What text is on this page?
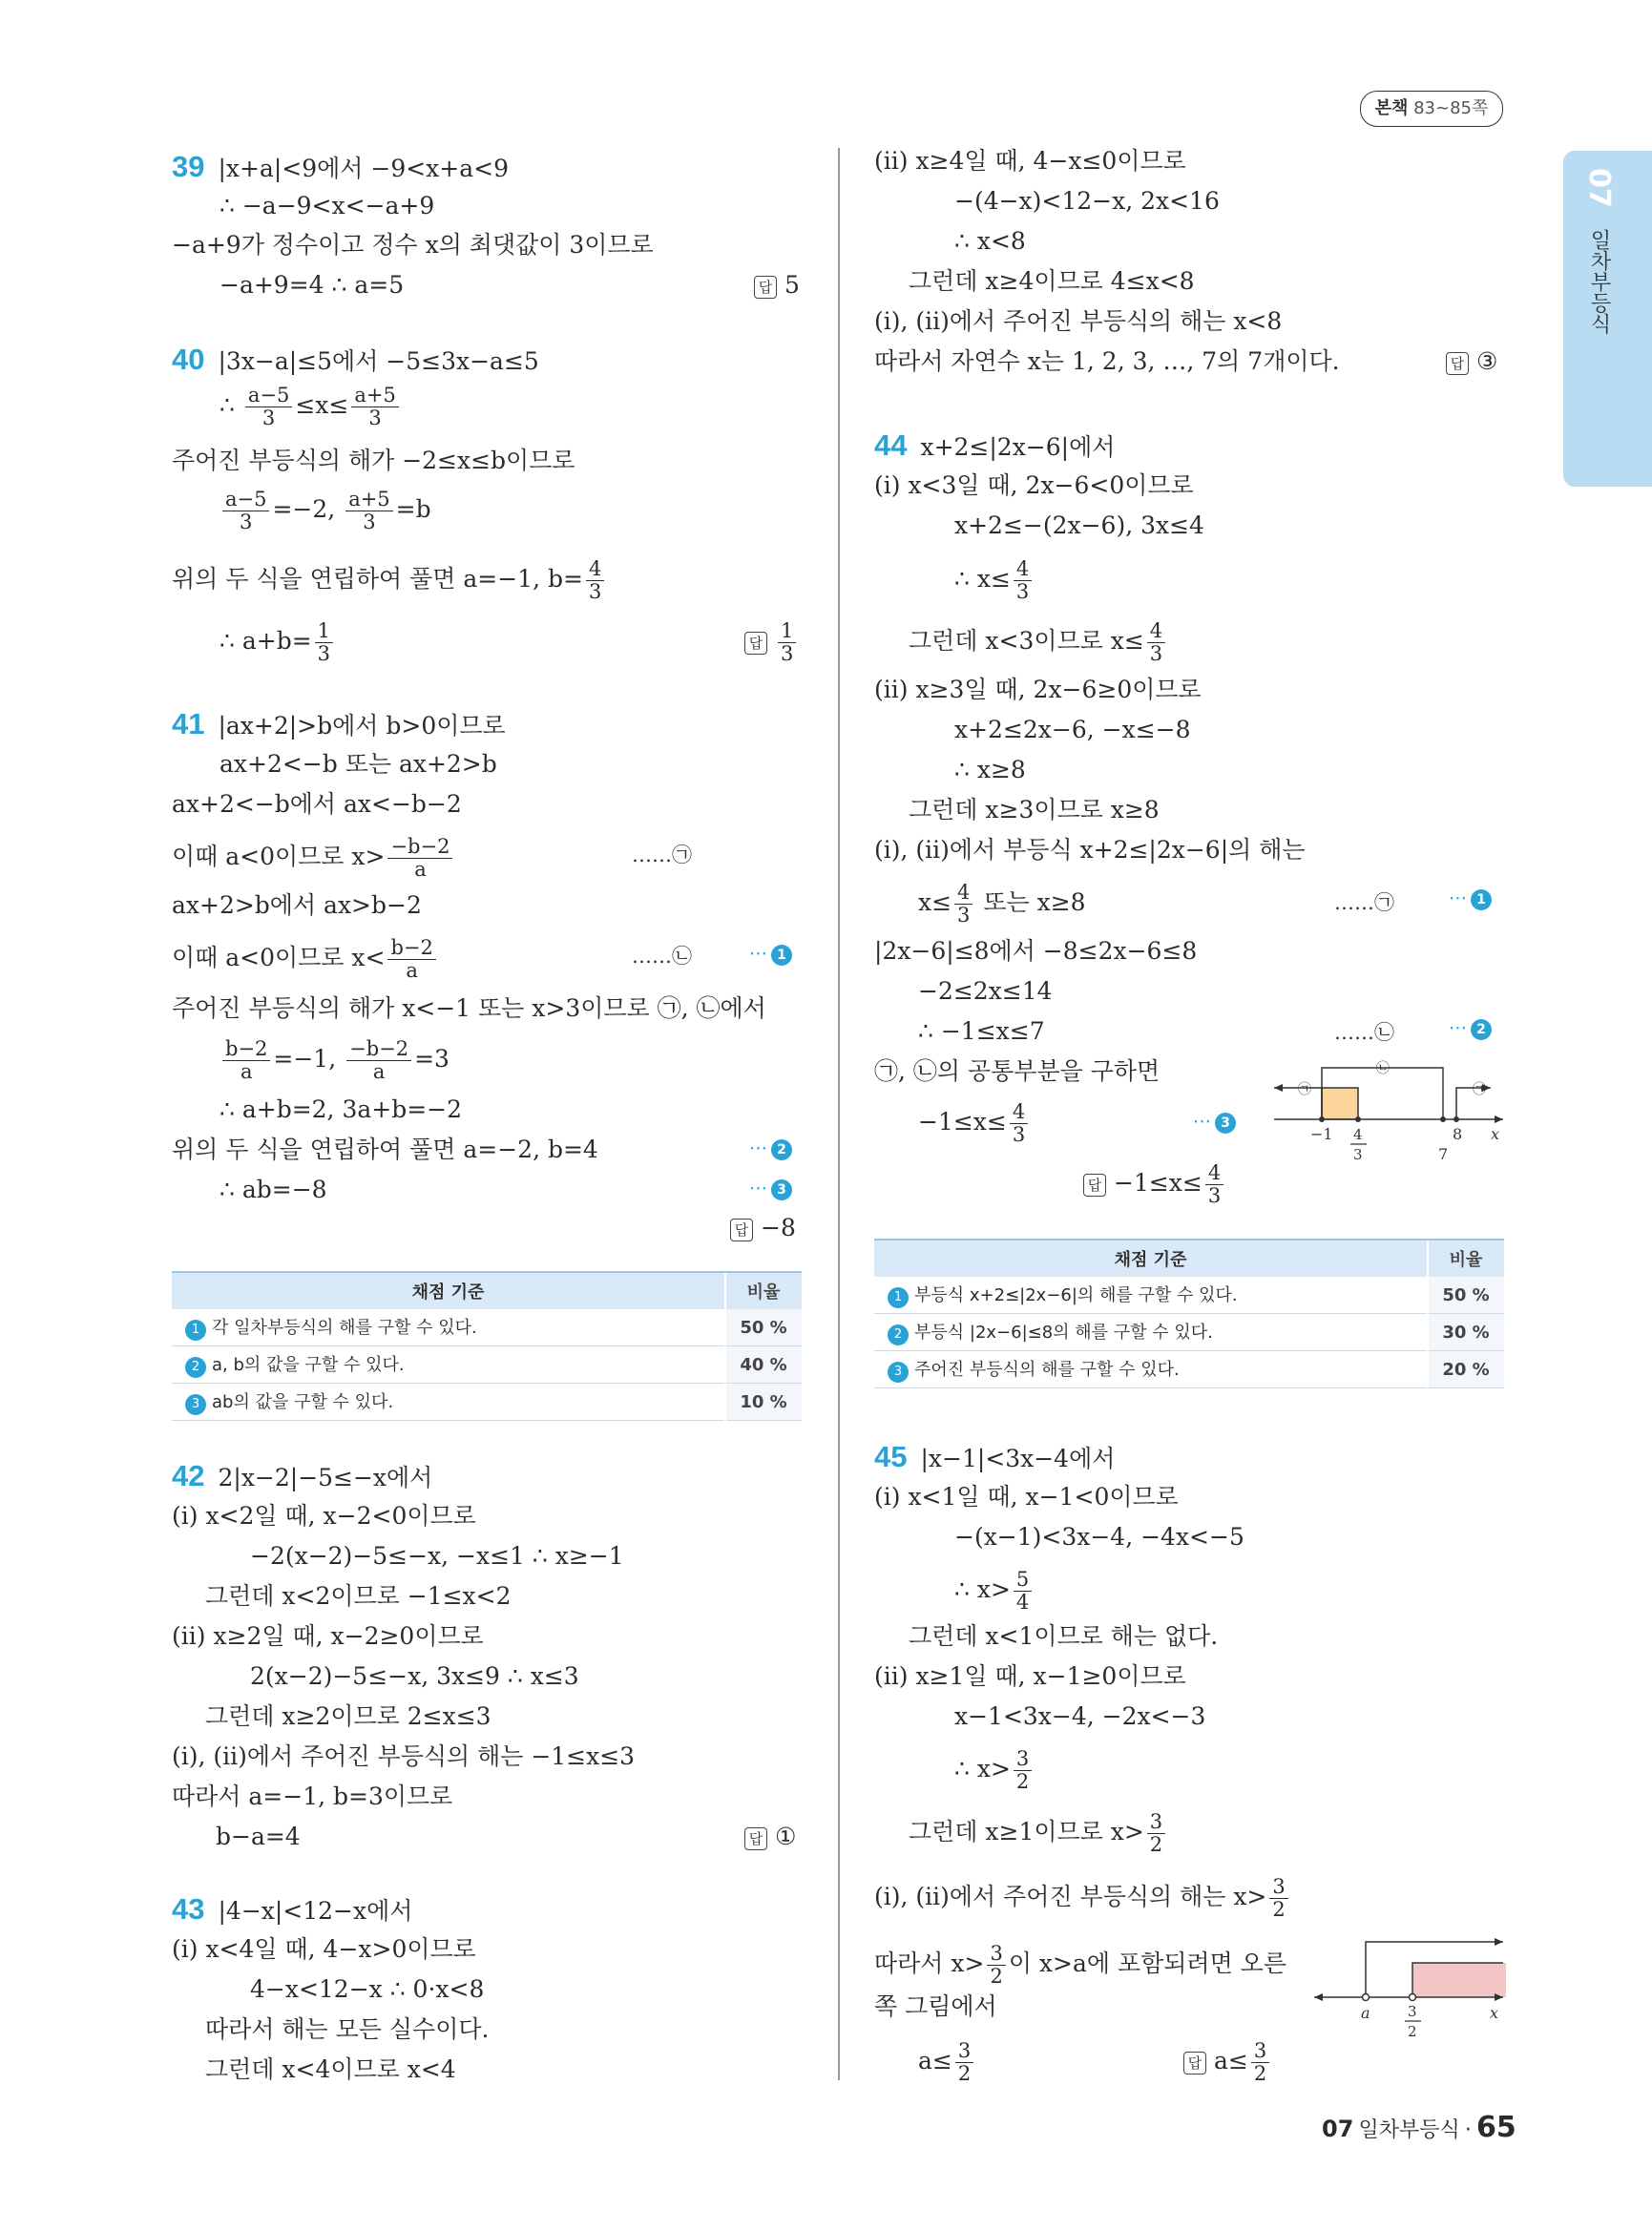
본책 83~85쪽
07
일차부등식
39 |x+a|<9에서 −9<x+a<9
∴ −a−9<x<−a+9
−a+9가 정수이고 정수 x의 최댓값이 3이므로
−a+9=4 ∴ a=5	답 5
40 |3x−a|≤5에서 −5≤3x−a≤5
∴ $\frac{a-5}{3} \le x\le \frac{a+5}{3}$
주어진 부등식의 해가 −2≤x≤b이므로
$\frac{a-5}{3} =-2$, $\frac{a+5}{3} =b$
위의 두 식을 연립하여 풀면 a=−1, $b= \frac{4}{3}$
∴ $a+b= \frac{1}{3}$	답 $\frac{1}{3}$
41 |ax+2|>b에서 b>0이므로
ax+2<−b 또는 ax+2>b
ax+2<−b에서 ax<−b−2
이때 a<0이므로 $x> \frac{-b-2}{a}$	……㉠
ax+2>b에서 ax>b−2
이때 a<0이므로 $x< \frac{b-2}{a}$	……㉡	⋯ 1
주어진 부등식의 해가 x<−1 또는 x>3이므로 ㉠, ㉡에서
$\frac{b-2}{a} =-1$, $\frac{-b-2}{a} =3$
∴ a+b=2, 3a+b=−2
위의 두 식을 연립하여 풀면 a=−2, b=4	⋯ 2
∴ ab=−8	⋯ 3
답 −8
채점 기준	비율
1 각 일차부등식의 해를 구할 수 있다.	50 %
2 a, b의 값을 구할 수 있다.	40 %
3 ab의 값을 구할 수 있다.	10 %
42 2|x−2|−5≤−x에서
(i) x<2일 때, x−2<0이므로
−2(x−2)−5≤−x, −x≤1 ∴ x≥−1
그런데 x<2이므로 −1≤x<2
(ii) x≥2일 때, x−2≥0이므로
2(x−2)−5≤−x, 3x≤9 ∴ x≤3
그런데 x≥2이므로 2≤x≤3
(i), (ii)에서 주어진 부등식의 해는 −1≤x≤3
따라서 a=−1, b=3이므로
b−a=4	답 ①
43 |4−x|<12−x에서
(i) x<4일 때, 4−x>0이므로
4−x<12−x ∴ 0·x<8
따라서 해는 모든 실수이다.
그런데 x<4이므로 x<4
(ii) x≥4일 때, 4−x≤0이므로
−(4−x)<12−x, 2x<16
∴ x<8
그런데 x≥4이므로 4≤x<8
(i), (ii)에서 주어진 부등식의 해는 x<8
따라서 자연수 x는 1, 2, 3, …, 7의 7개이다.	답 ③
44 x+2≤|2x−6|에서
(i) x<3일 때, 2x−6<0이므로
x+2≤−(2x−6), 3x≤4
∴ $x\le \frac{4}{3}$
그런데 x<3이므로 $x\le \frac{4}{3}$
(ii) x≥3일 때, 2x−6≥0이므로
x+2≤2x−6, −x≤−8
∴ x≥8
그런데 x≥3이므로 x≥8
(i), (ii)에서 부등식 x+2≤|2x−6|의 해는
$x\le \frac{4}{3}$ 또는 x≥8	……㉠	⋯ 1
|2x−6|≤8에서 −8≤2x−6≤8
−2≤2x≤14
∴ −1≤x≤7	……㉡	⋯ 2
㉠, ㉡의 공통부분을 구하면
$-1\le x\le \frac{4}{3}$	⋯ 3
답 $-1\le x\le \frac{4}{3}$
㉠
㉡
㉠
−1 4
3
8
7
x
채점 기준	비율
1 부등식 x+2≤|2x−6|의 해를 구할 수 있다.	50 %
2 부등식 |2x−6|≤8의 해를 구할 수 있다.	30 %
3 주어진 부등식의 해를 구할 수 있다.	20 %
45 |x−1|<3x−4에서
(i) x<1일 때, x−1<0이므로
−(x−1)<3x−4, −4x<−5
∴ $x> \frac{5}{4}$
그런데 x<1이므로 해는 없다.
(ii) x≥1일 때, x−1≥0이므로
x−1<3x−4, −2x<−3
∴ $x> \frac{3}{2}$
그런데 x≥1이므로 $x> \frac{3}{2}$
(i), (ii)에서 주어진 부등식의 해는 $x> \frac{3}{2}$
따라서 $x> \frac{3}{2}$ 이 x>a에 포함되려면 오른
쪽 그림에서
$a\le \frac{3}{2}$	답 $a\le \frac{3}{2}$
a	3
2
x
07 일차부등식 · 65
